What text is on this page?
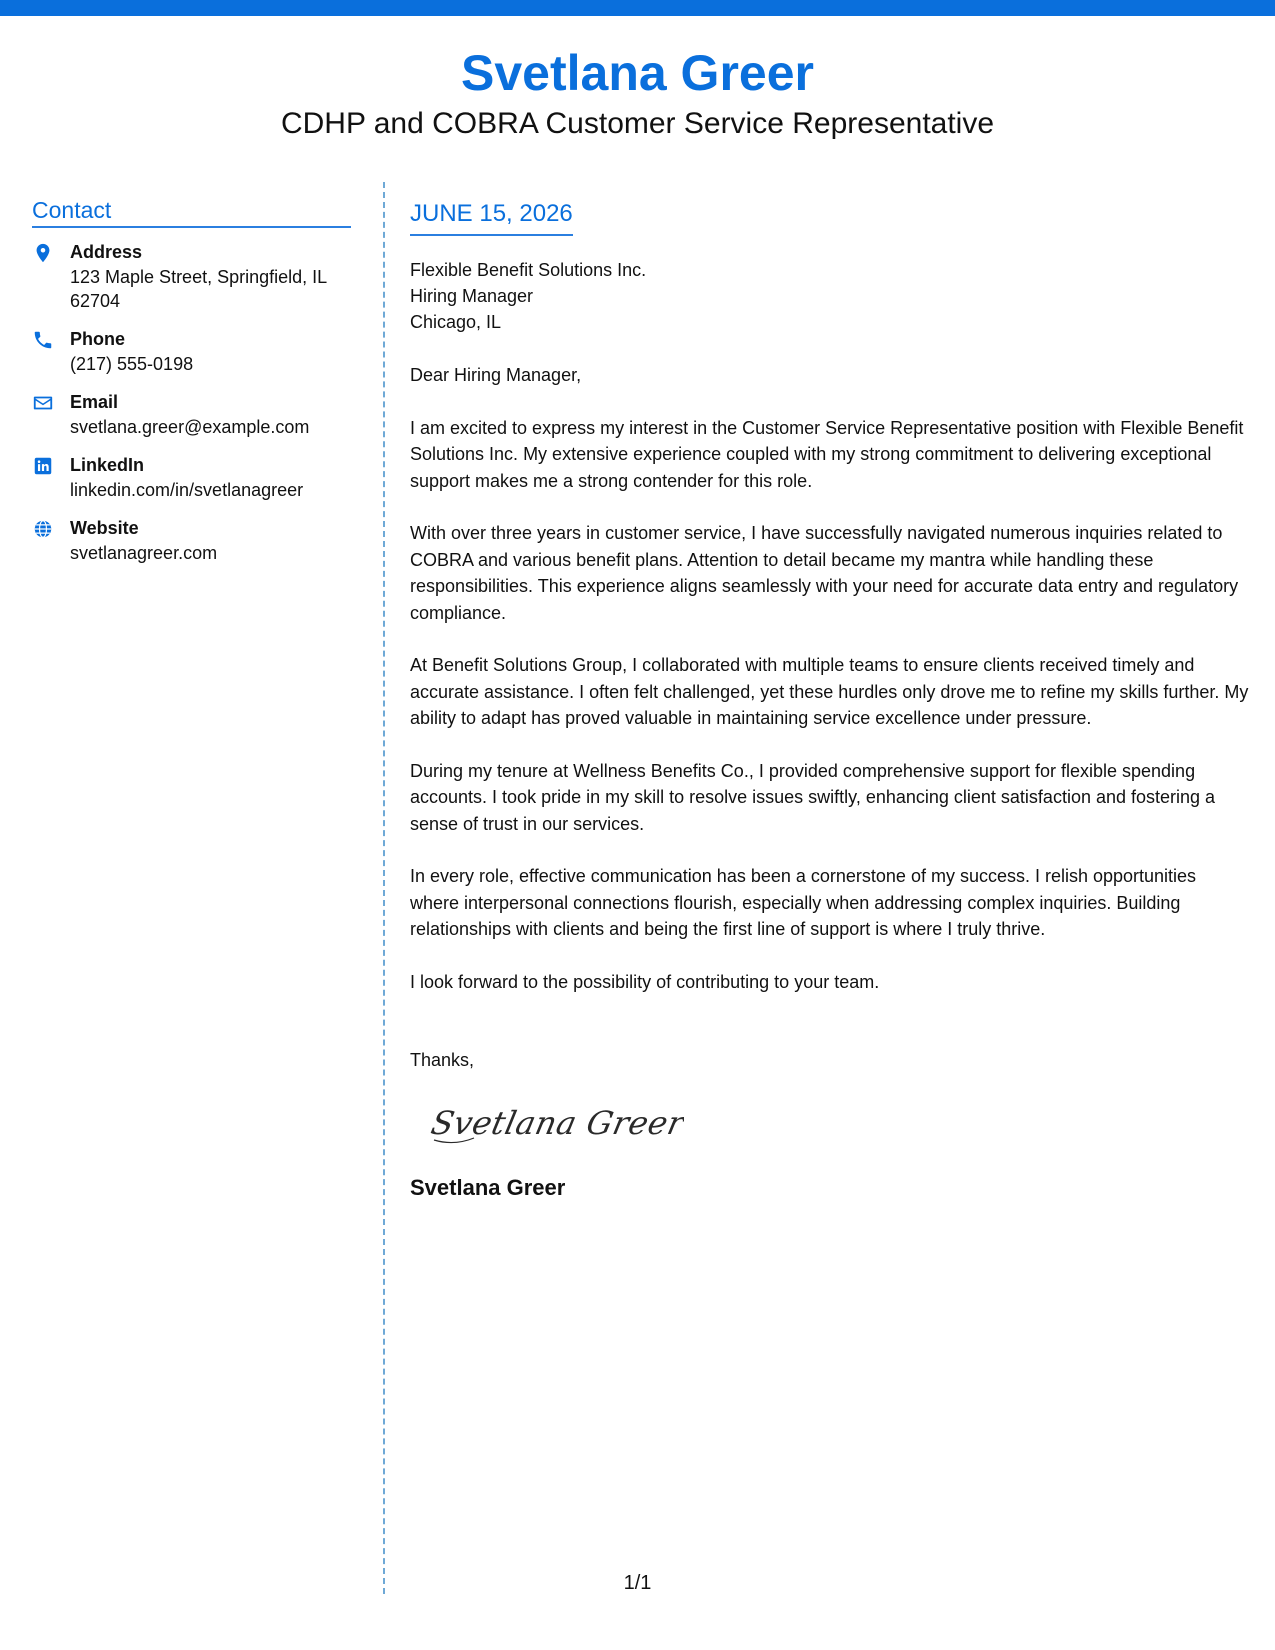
Svetlana Greer
CDHP and COBRA Customer Service Representative
Contact
Address
123 Maple Street, Springfield, IL
62704
Phone
(217) 555-0198
Email
svetlana.greer@example.com
LinkedIn
linkedin.com/in/svetlanagreer
Website
svetlanagreer.com
JUNE 15, 2026
Flexible Benefit Solutions Inc.
Hiring Manager
Chicago, IL
Dear Hiring Manager,
I am excited to express my interest in the Customer Service Representative position with Flexible Benefit Solutions Inc. My extensive experience coupled with my strong commitment to delivering exceptional support makes me a strong contender for this role.
With over three years in customer service, I have successfully navigated numerous inquiries related to COBRA and various benefit plans. Attention to detail became my mantra while handling these responsibilities. This experience aligns seamlessly with your need for accurate data entry and regulatory compliance.
At Benefit Solutions Group, I collaborated with multiple teams to ensure clients received timely and accurate assistance. I often felt challenged, yet these hurdles only drove me to refine my skills further. My ability to adapt has proved valuable in maintaining service excellence under pressure.
During my tenure at Wellness Benefits Co., I provided comprehensive support for flexible spending accounts. I took pride in my skill to resolve issues swiftly, enhancing client satisfaction and fostering a sense of trust in our services.
In every role, effective communication has been a cornerstone of my success. I relish opportunities where interpersonal connections flourish, especially when addressing complex inquiries. Building relationships with clients and being the first line of support is where I truly thrive.
I look forward to the possibility of contributing to your team.
Thanks,
Svetlana Greer
Svetlana Greer
1/1
